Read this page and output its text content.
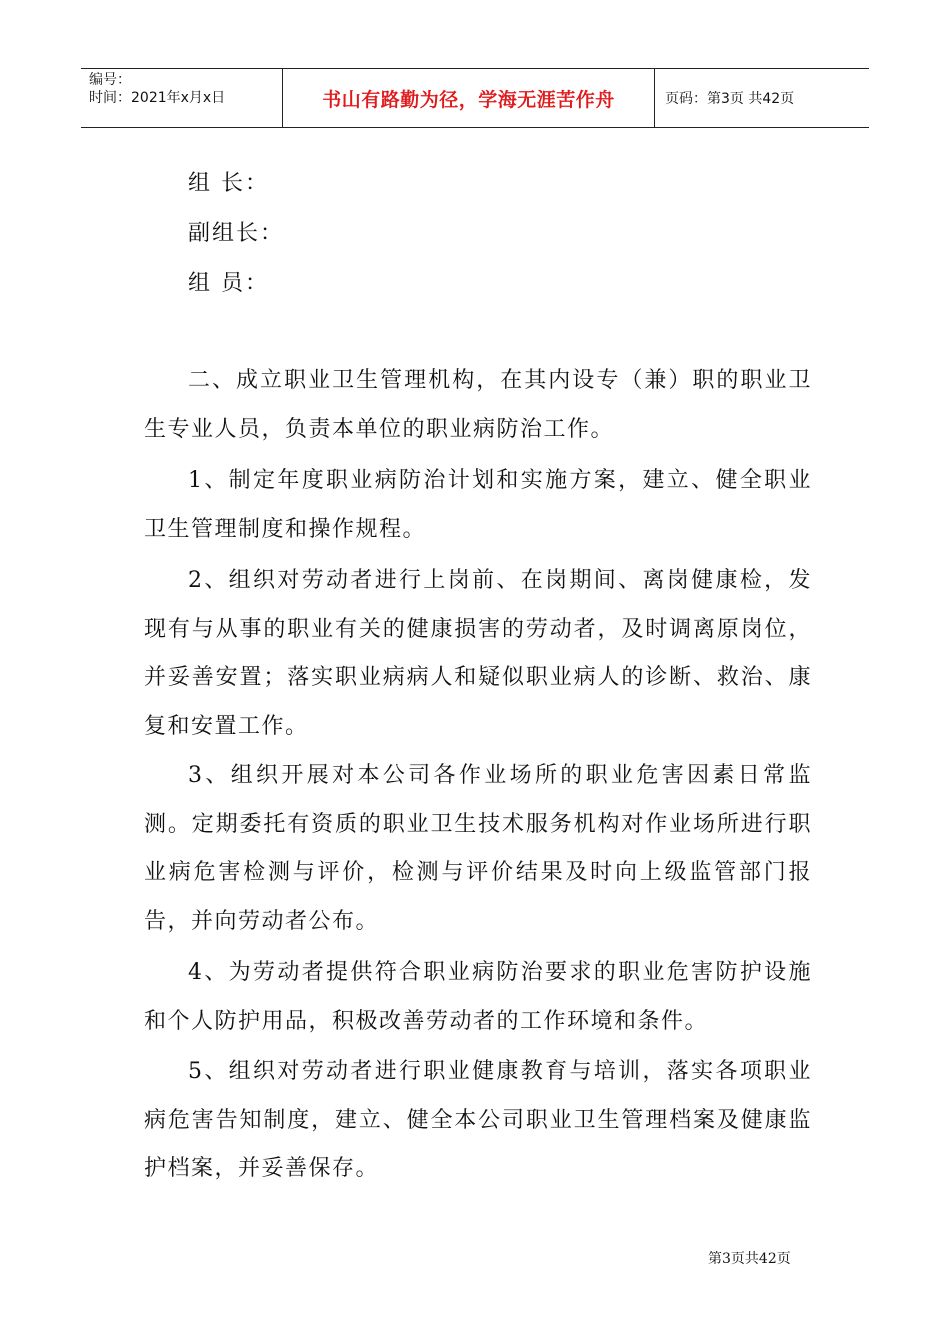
编号：
时间：2021年x月x日	书山有路勤为径，学海无涯苦作舟	页码：第3页 共42页
组 长：
副组长：
组 员：
二、成立职业卫生管理机构，在其内设专（兼）职的职业卫生专业人员，负责本单位的职业病防治工作。
1、制定年度职业病防治计划和实施方案，建立、健全职业卫生管理制度和操作规程。
2、组织对劳动者进行上岗前、在岗期间、离岗健康检，发现有与从事的职业有关的健康损害的劳动者，及时调离原岗位，并妥善安置；落实职业病病人和疑似职业病人的诊断、救治、康复和安置工作。
3、组织开展对本公司各作业场所的职业危害因素日常监测。定期委托有资质的职业卫生技术服务机构对作业场所进行职业病危害检测与评价，检测与评价结果及时向上级监管部门报告，并向劳动者公布。
4、为劳动者提供符合职业病防治要求的职业危害防护设施和个人防护用品，积极改善劳动者的工作环境和条件。
5、组织对劳动者进行职业健康教育与培训，落实各项职业病危害告知制度，建立、健全本公司职业卫生管理档案及健康监护档案，并妥善保存。
第3页共42页
